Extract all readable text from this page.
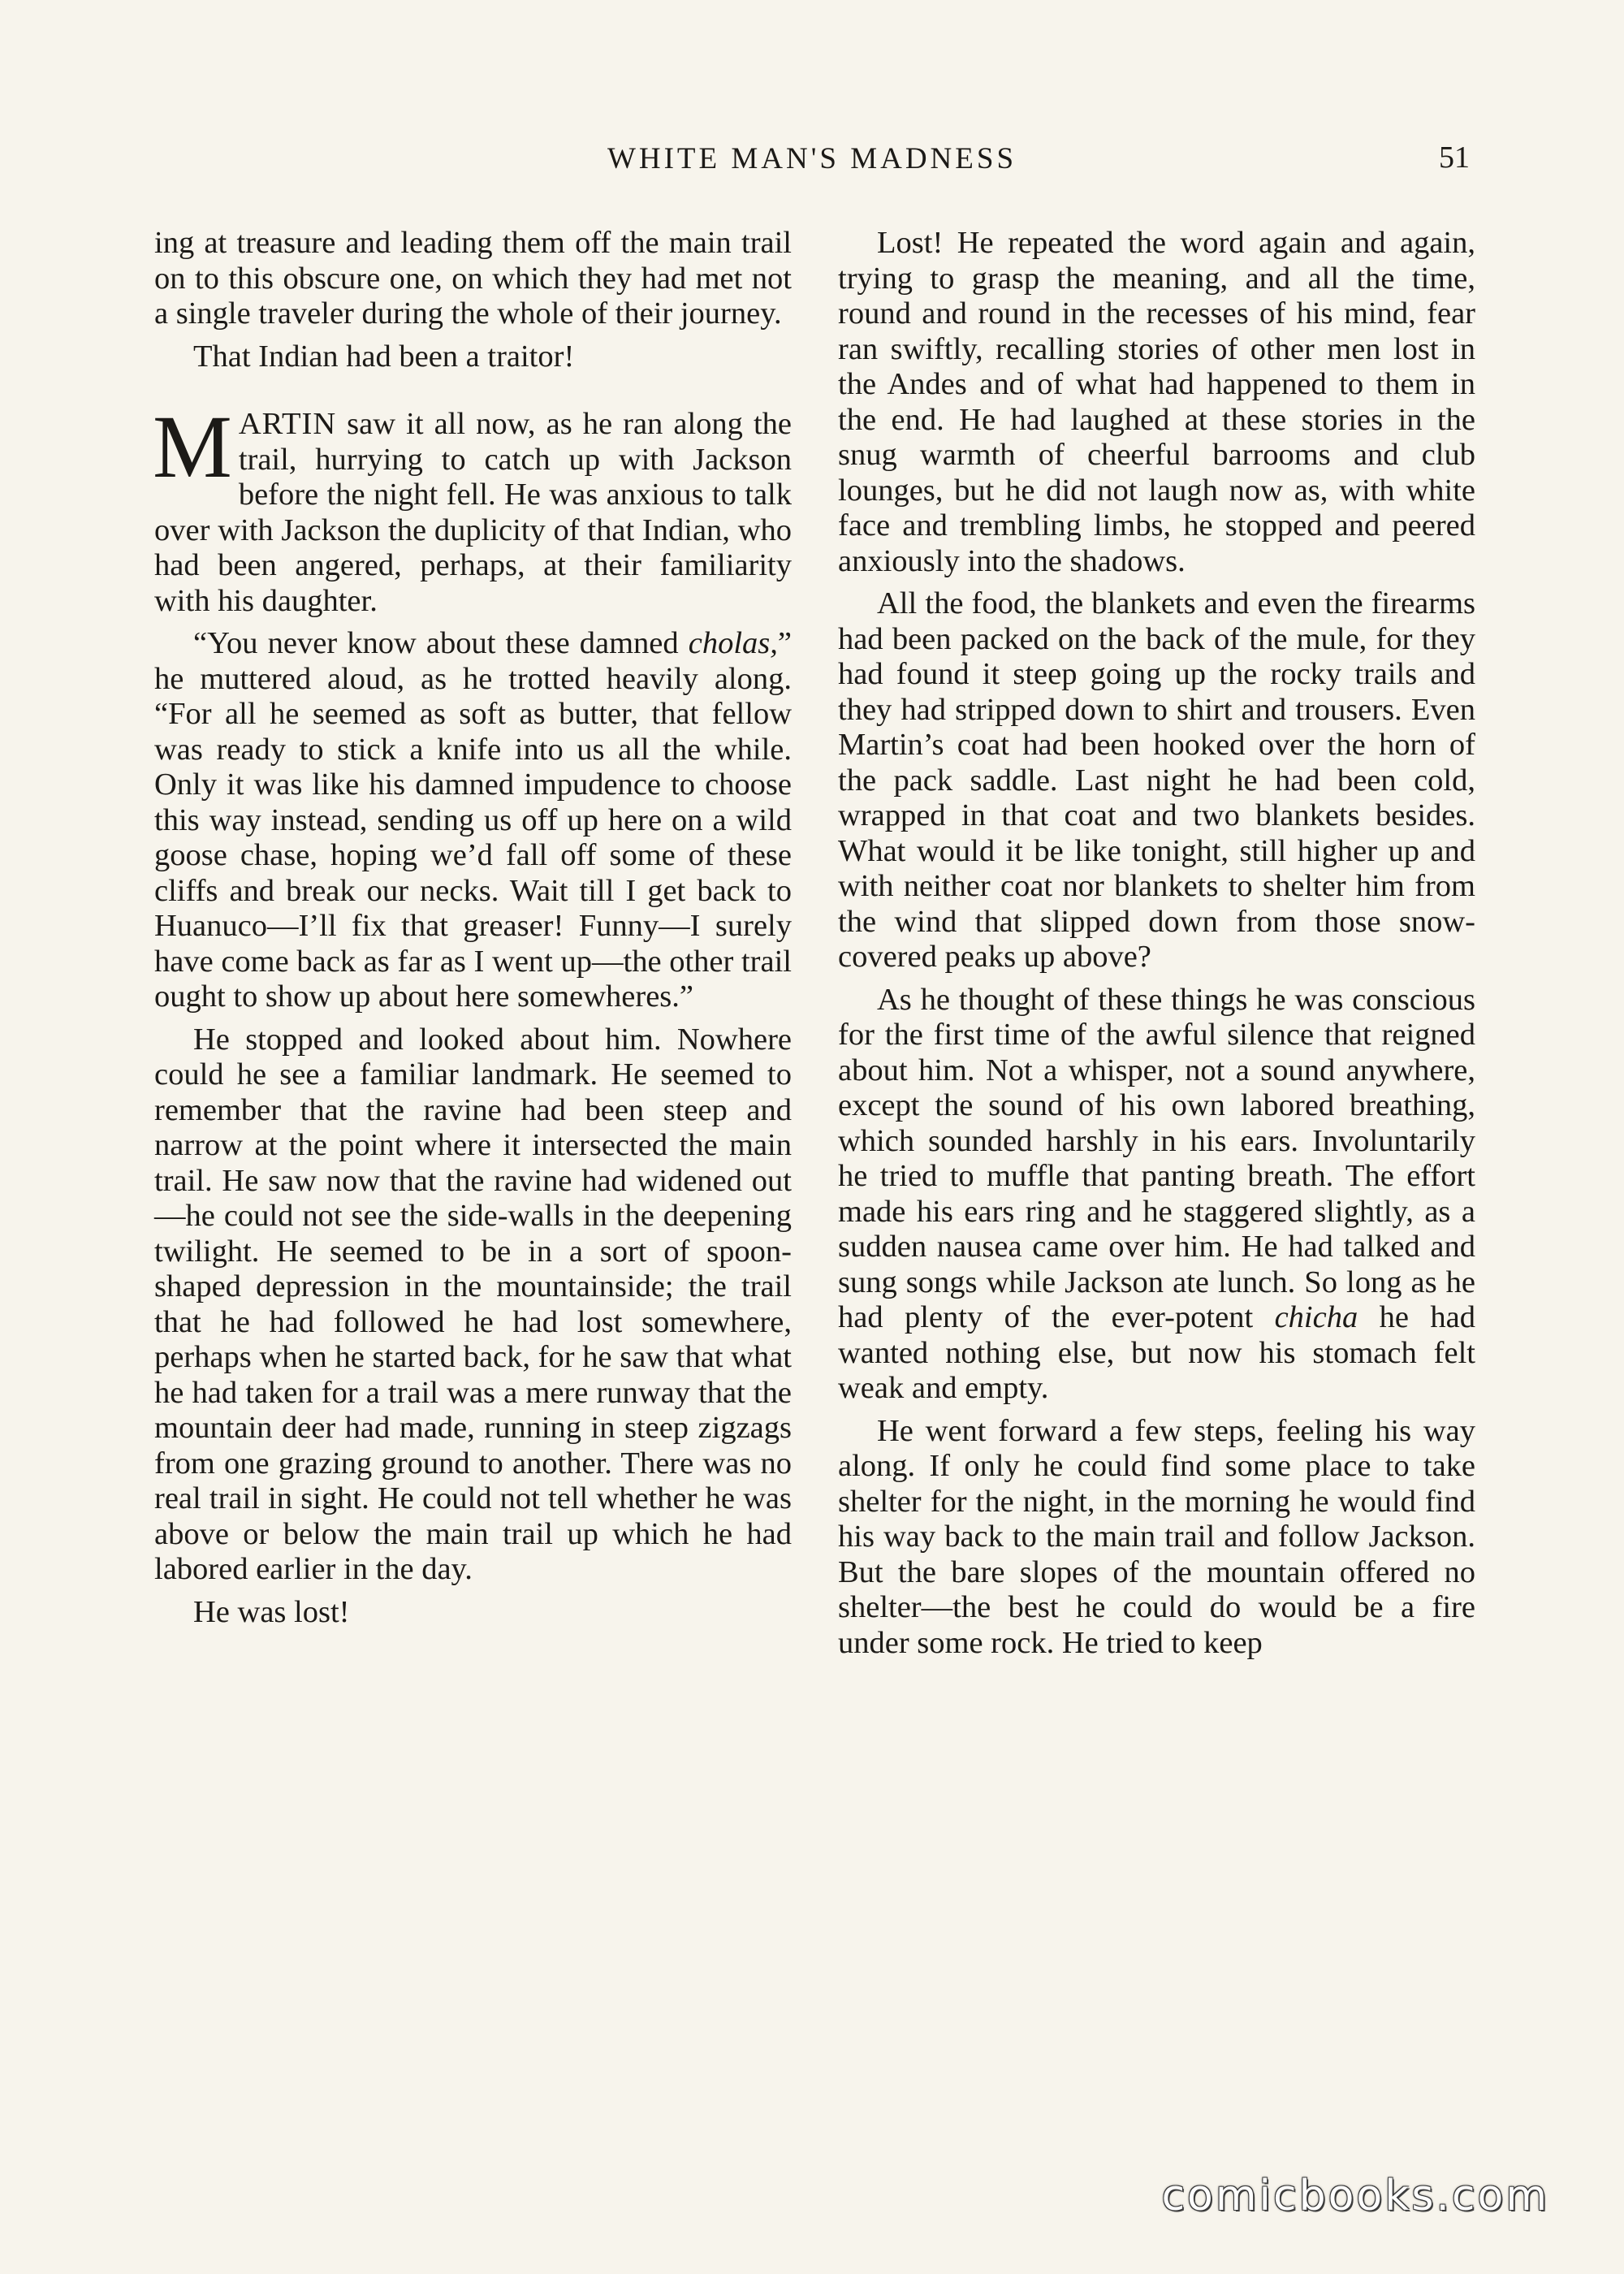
WHITE MAN'S MADNESS	51

ing at treasure and leading them off the main trail on to this obscure one, on which they had met not a single traveler during the whole of their journey.

That Indian had been a traitor!

MARTIN saw it all now, as he ran along the trail, hurrying to catch up with Jackson before the night fell. He was anxious to talk over with Jackson the duplicity of that Indian, who had been angered, perhaps, at their familiarity with his daughter.

“You never know about these damned cholas,” he muttered aloud, as he trotted heavily along. “For all he seemed as soft as butter, that fellow was ready to stick a knife into us all the while. Only it was like his damned impudence to choose this way instead, sending us off up here on a wild goose chase, hoping we’d fall off some of these cliffs and break our necks. Wait till I get back to Huanuco—I’ll fix that greaser! Funny—I surely have come back as far as I went up—the other trail ought to show up about here somewheres.”

He stopped and looked about him. Nowhere could he see a familiar landmark. He seemed to remember that the ravine had been steep and narrow at the point where it intersected the main trail. He saw now that the ravine had widened out—he could not see the side-walls in the deepening twilight. He seemed to be in a sort of spoon-shaped depression in the mountainside; the trail that he had followed he had lost somewhere, perhaps when he started back, for he saw that what he had taken for a trail was a mere runway that the mountain deer had made, running in steep zigzags from one grazing ground to another. There was no real trail in sight. He could not tell whether he was above or below the main trail up which he had labored earlier in the day.

He was lost!

Lost! He repeated the word again and again, trying to grasp the meaning, and all the time, round and round in the recesses of his mind, fear ran swiftly, recalling stories of other men lost in the Andes and of what had happened to them in the end. He had laughed at these stories in the snug warmth of cheerful barrooms and club lounges, but he did not laugh now as, with white face and trembling limbs, he stopped and peered anxiously into the shadows.

All the food, the blankets and even the firearms had been packed on the back of the mule, for they had found it steep going up the rocky trails and they had stripped down to shirt and trousers. Even Martin’s coat had been hooked over the horn of the pack saddle. Last night he had been cold, wrapped in that coat and two blankets besides. What would it be like tonight, still higher up and with neither coat nor blankets to shelter him from the wind that slipped down from those snow-covered peaks up above?

As he thought of these things he was conscious for the first time of the awful silence that reigned about him. Not a whisper, not a sound anywhere, except the sound of his own labored breathing, which sounded harshly in his ears. Involuntarily he tried to muffle that panting breath. The effort made his ears ring and he staggered slightly, as a sudden nausea came over him. He had talked and sung songs while Jackson ate lunch. So long as he had plenty of the ever-potent chicha he had wanted nothing else, but now his stomach felt weak and empty.

He went forward a few steps, feeling his way along. If only he could find some place to take shelter for the night, in the morning he would find his way back to the main trail and follow Jackson. But the bare slopes of the mountain offered no shelter—the best he could do would be a fire under some rock. He tried to keep

comicbooks.com
